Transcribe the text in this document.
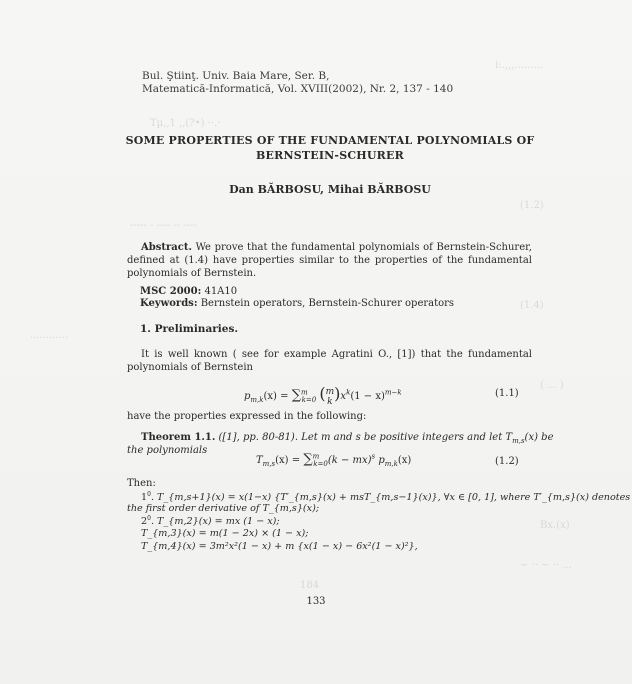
i:.,,,.........
Tµ,,1 ,,(?•) ··.·
(1.2)
----- - ---- -- ----
(1.4)
............
( ... )
Bx.(x)
~ ·· ~ ·· ...
184
Bul. Ştiinţ. Univ. Baia Mare, Ser. B,
Matematică-Informatică, Vol. XVIII(2002), Nr. 2, 137 - 140
SOME PROPERTIES OF THE FUNDAMENTAL POLYNOMIALS OF
BERNSTEIN-SCHURER
Dan BĂRBOSU, Mihai BĂRBOSU
Abstract. We prove that the fundamental polynomials of Bernstein-Schurer, defined at (1.4) have properties similar to the properties of the fundamental polynomials of Bernstein.
MSC 2000: 41A10
Keywords: Bernstein operators, Bernstein-Schurer operators
1. Preliminaries.
It is well known ( see for example Agratini O., [1]) that the fundamental polynomials of Bernstein
$p_{m,k}(x) = \sum^m_{k=0}$ (m
$k)x^k(1 - x)^{m-k}$	(1.1)
have the properties expressed in the following:
Theorem 1.1. ([1], pp. 80-81). Let m and s be positive integers and let $T_{m,s}(x)$ be
the polynomials
$T_{m,s}(x) = \sum^m_{k=0}(k - mx)^s$ $p_{m,k}(x)$	(1.2)
Then:
$1^0$. T_{m,s+1}(x) = x(1−x) {T′_{m,s}(x) + msT_{m,s−1}(x)}, ∀x ∈ [0, 1], where T′_{m,s}(x) denotes
the first order derivative of T_{m,s}(x);
$2^0$. T_{m,2}(x) = mx (1 − x);
T_{m,3}(x) = m(1 − 2x) × (1 − x);
T_{m,4}(x) = 3m²x²(1 − x) + m {x(1 − x) − 6x²(1 − x)²},
133
